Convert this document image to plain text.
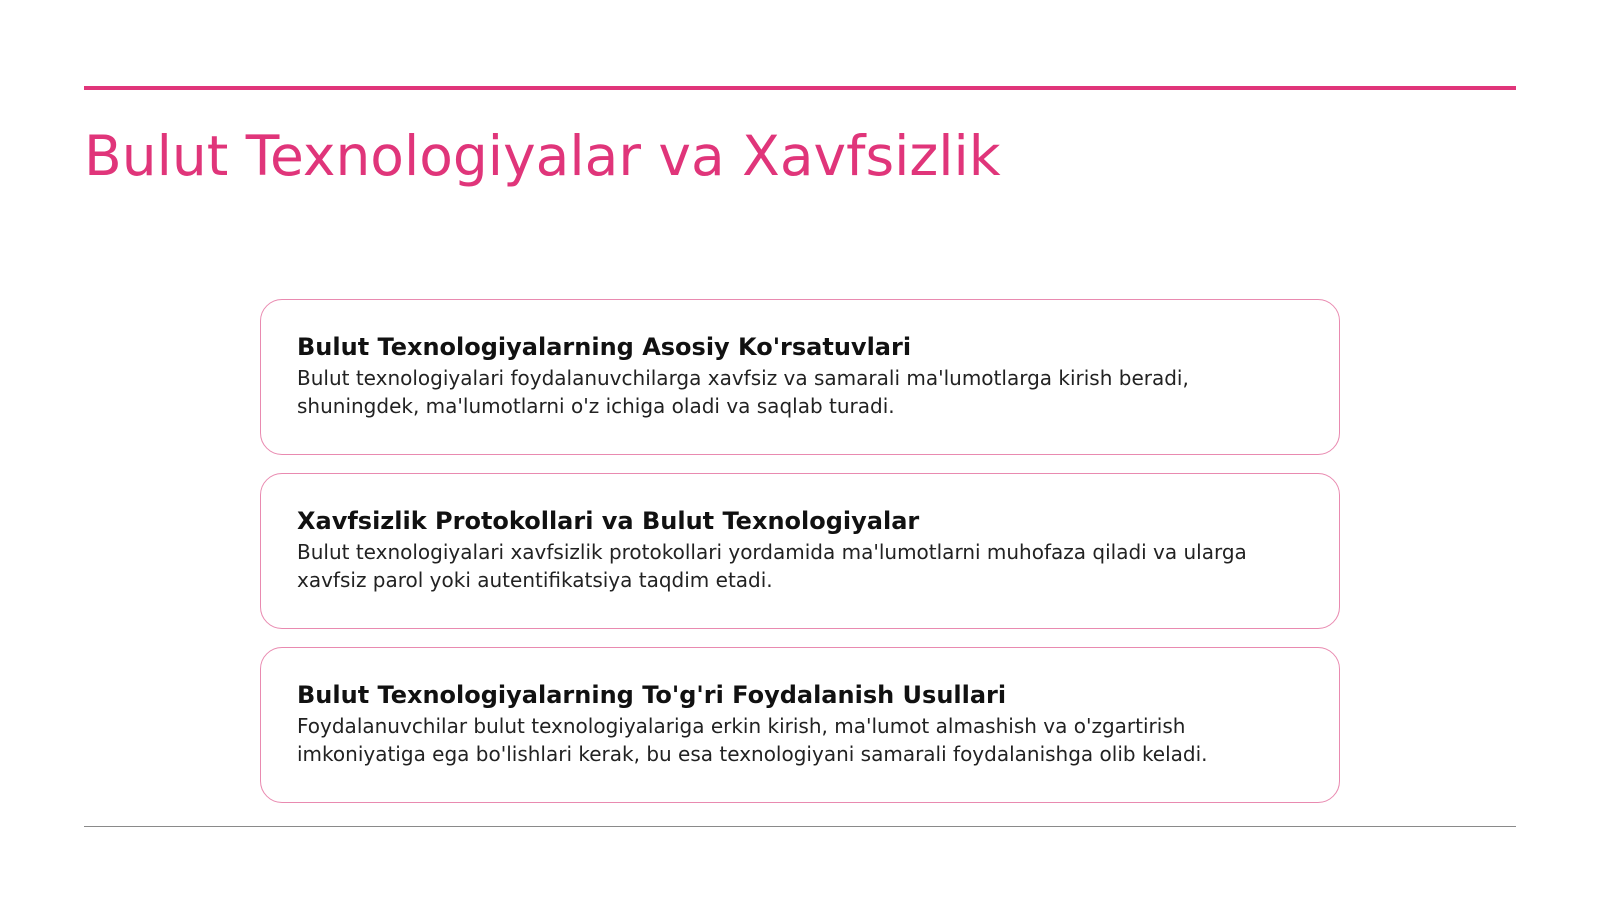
Bulut Texnologiyalar va Xavfsizlik

Bulut Texnologiyalarning Asosiy Ko'rsatuvlari

Bulut texnologiyalari foydalanuvchilarga xavfsiz va samarali ma'lumotlarga kirish beradi, shuningdek, ma'lumotlarni o'z ichiga oladi va saqlab turadi.

Xavfsizlik Protokollari va Bulut Texnologiyalar

Bulut texnologiyalari xavfsizlik protokollari yordamida ma'lumotlarni muhofaza qiladi va ularga xavfsiz parol yoki autentifikatsiya taqdim etadi.

Bulut Texnologiyalarning To'g'ri Foydalanish Usullari

Foydalanuvchilar bulut texnologiyalariga erkin kirish, ma'lumot almashish va o'zgartirish imkoniyatiga ega bo'lishlari kerak, bu esa texnologiyani samarali foydalanishga olib keladi.
